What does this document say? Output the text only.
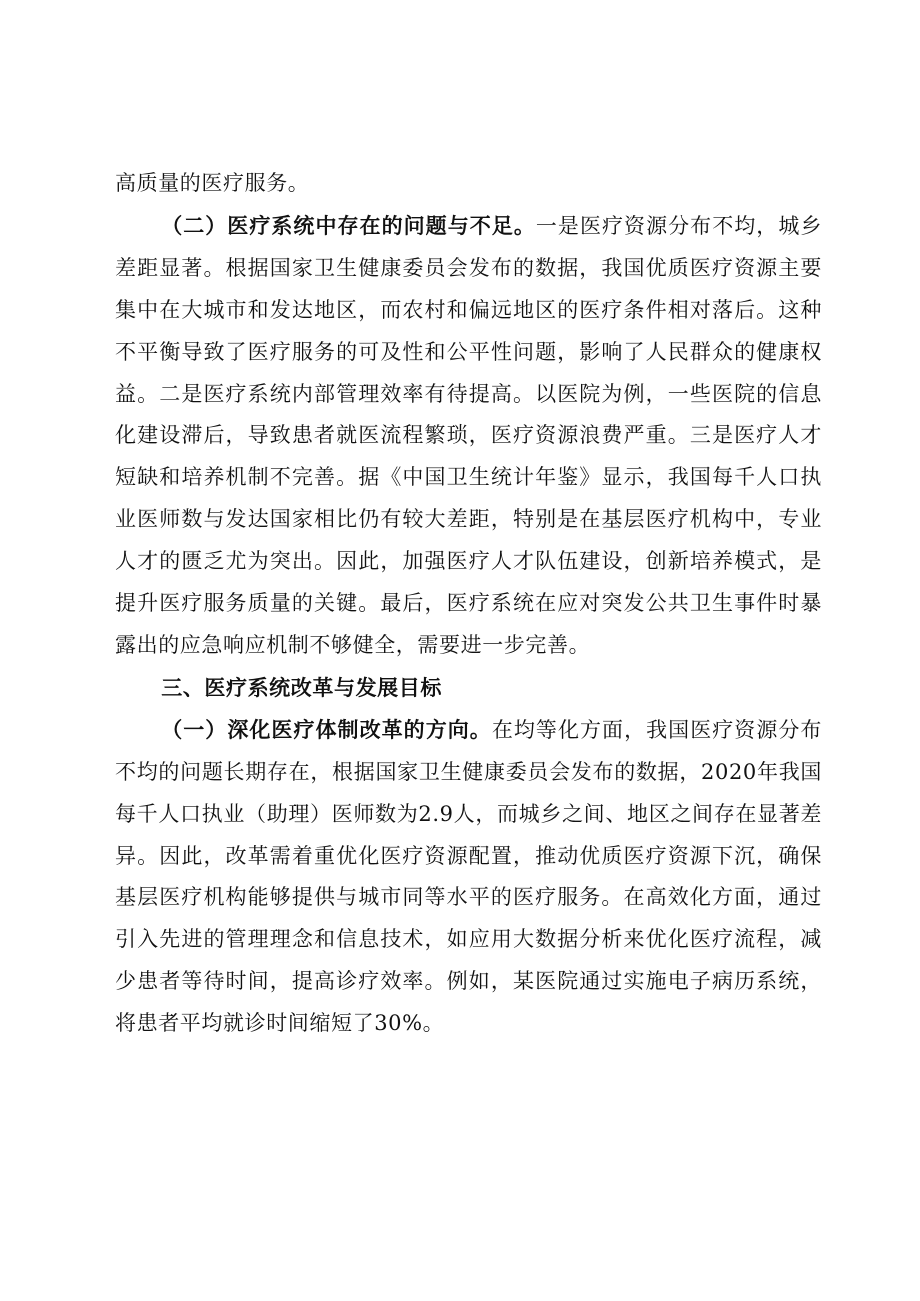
高质量的医疗服务。

（二）医疗系统中存在的问题与不足。一是医疗资源分布不均，城乡差距显著。根据国家卫生健康委员会发布的数据，我国优质医疗资源主要集中在大城市和发达地区，而农村和偏远地区的医疗条件相对落后。这种不平衡导致了医疗服务的可及性和公平性问题，影响了人民群众的健康权益。二是医疗系统内部管理效率有待提高。以医院为例，一些医院的信息化建设滞后，导致患者就医流程繁琐，医疗资源浪费严重。三是医疗人才短缺和培养机制不完善。据《中国卫生统计年鉴》显示，我国每千人口执业医师数与发达国家相比仍有较大差距，特别是在基层医疗机构中，专业人才的匮乏尤为突出。因此，加强医疗人才队伍建设，创新培养模式，是提升医疗服务质量的关键。最后，医疗系统在应对突发公共卫生事件时暴露出的应急响应机制不够健全，需要进一步完善。

三、医疗系统改革与发展目标

（一）深化医疗体制改革的方向。在均等化方面，我国医疗资源分布不均的问题长期存在，根据国家卫生健康委员会发布的数据，2020年我国每千人口执业（助理）医师数为2.9人，而城乡之间、地区之间存在显著差异。因此，改革需着重优化医疗资源配置，推动优质医疗资源下沉，确保基层医疗机构能够提供与城市同等水平的医疗服务。在高效化方面，通过引入先进的管理理念和信息技术，如应用大数据分析来优化医疗流程，减少患者等待时间，提高诊疗效率。例如，某医院通过实施电子病历系统，将患者平均就诊时间缩短了30%。
